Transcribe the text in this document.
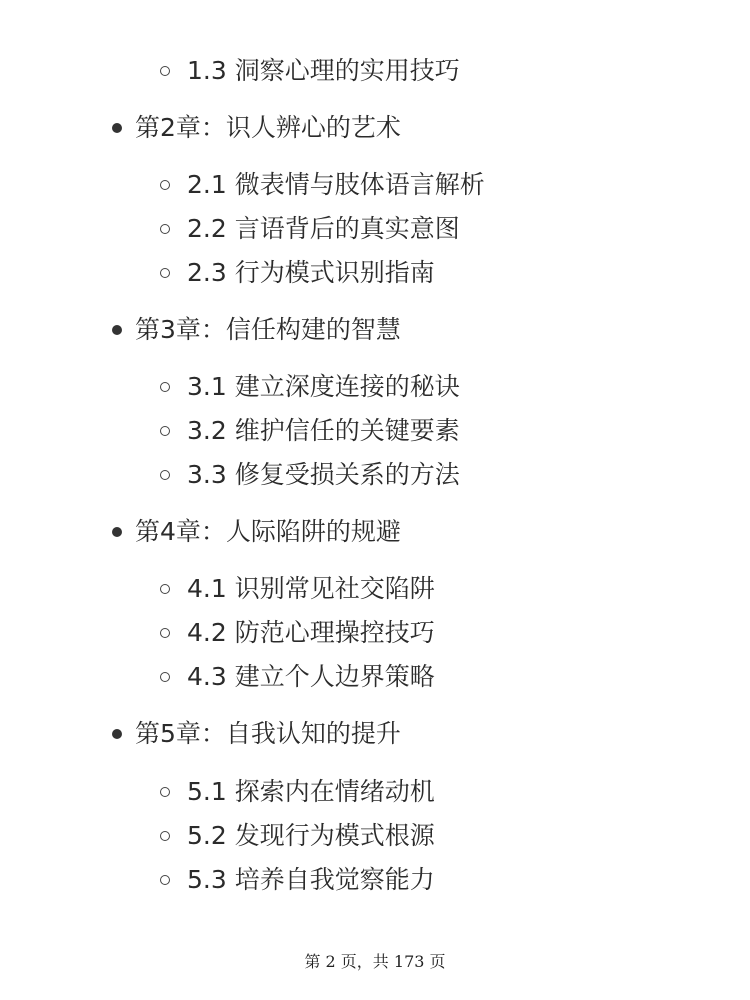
1.3 洞察心理的实用技巧
第2章：识人辨心的艺术
2.1 微表情与肢体语言解析
2.2 言语背后的真实意图
2.3 行为模式识别指南
第3章：信任构建的智慧
3.1 建立深度连接的秘诀
3.2 维护信任的关键要素
3.3 修复受损关系的方法
第4章：人际陷阱的规避
4.1 识别常见社交陷阱
4.2 防范心理操控技巧
4.3 建立个人边界策略
第5章：自我认知的提升
5.1 探索内在情绪动机
5.2 发现行为模式根源
5.3 培养自我觉察能力
第 2 页，共 173 页
